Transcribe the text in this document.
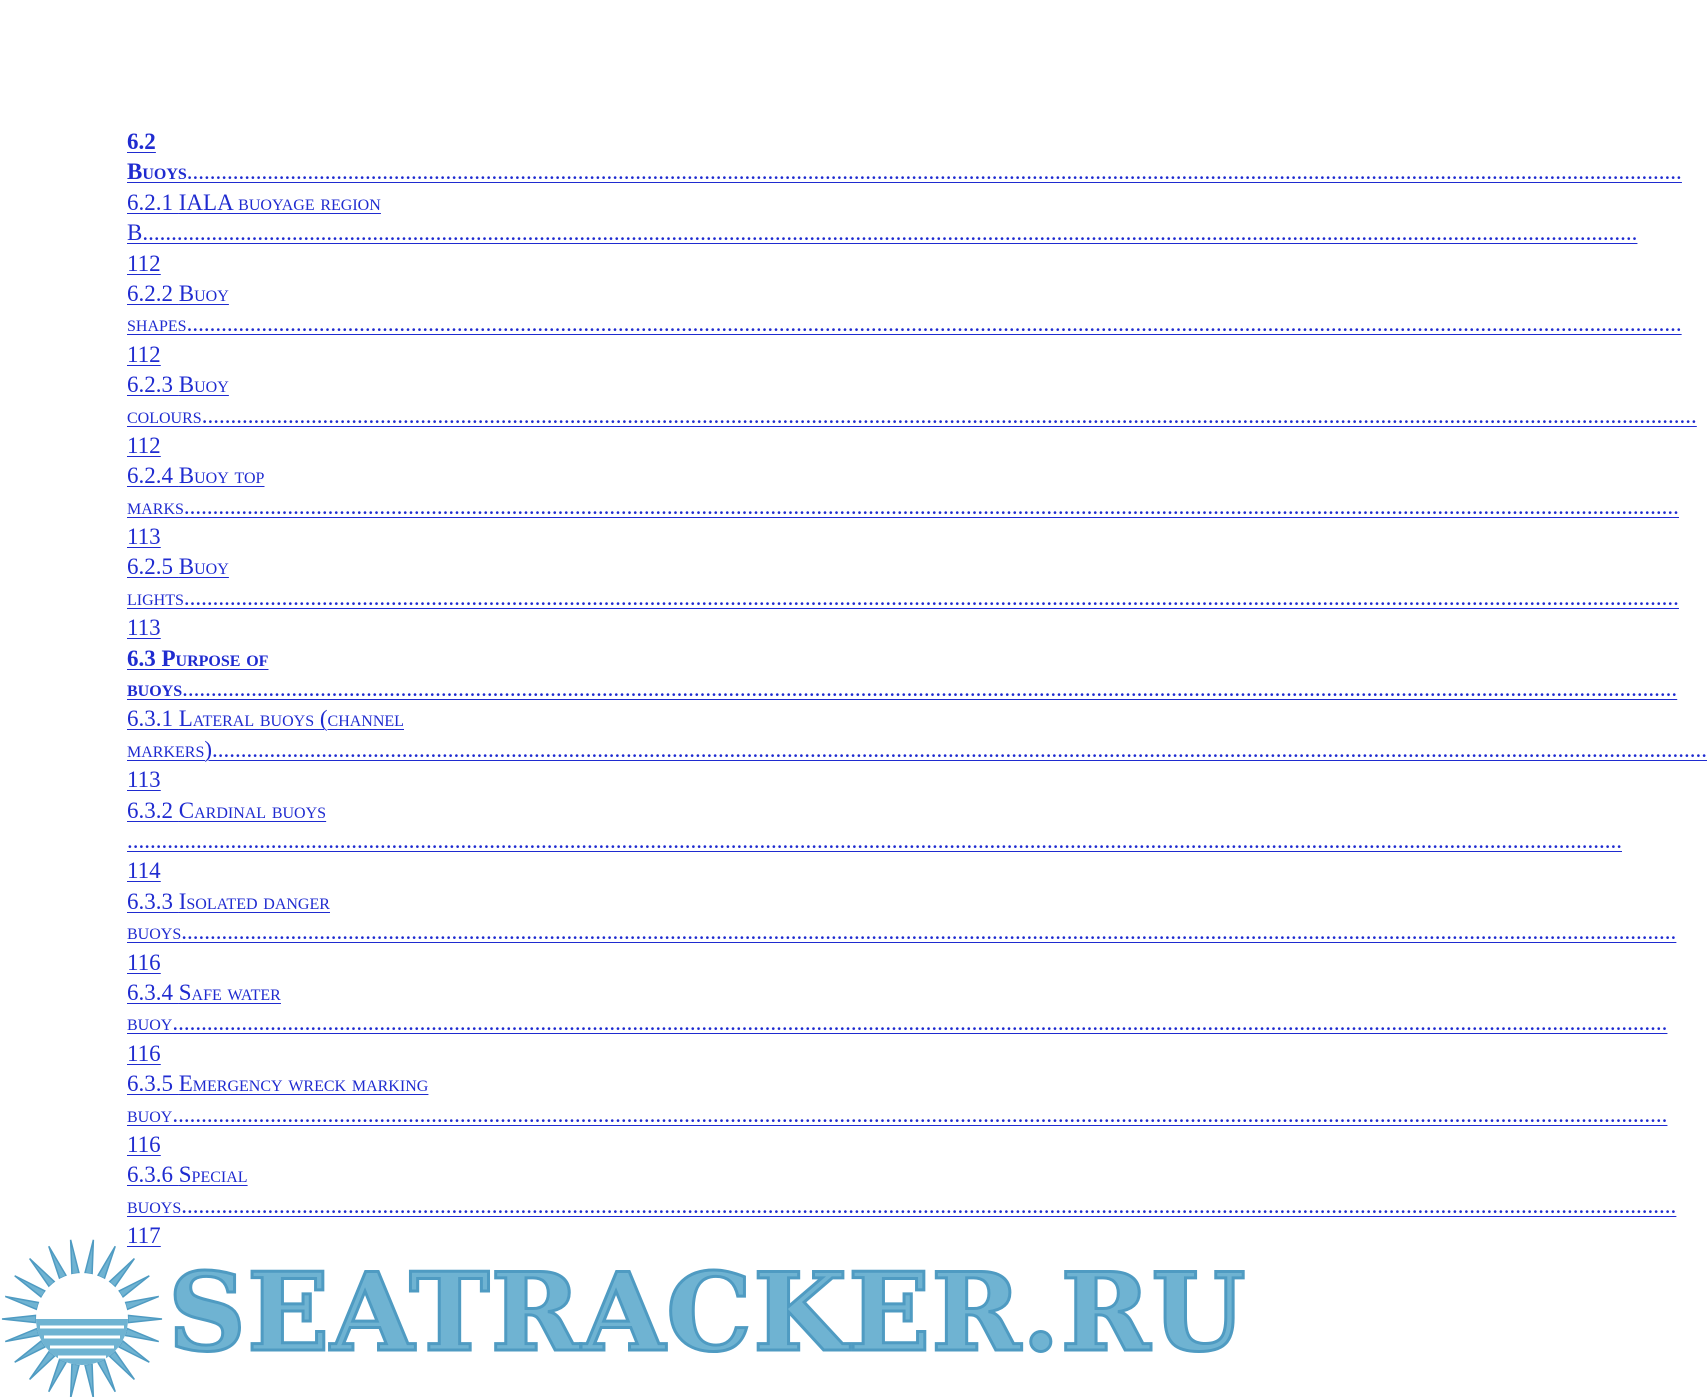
6.2
Buoys....................................................................................................................................................................................................................................................................
6.2.1 IALA buoyage region
B....................................................................................................................................................................................................................................................................
112
6.2.2 Buoy
shapes....................................................................................................................................................................................................................................................................
112
6.2.3 Buoy
colours....................................................................................................................................................................................................................................................................
112
6.2.4 Buoy top
marks....................................................................................................................................................................................................................................................................
113
6.2.5 Buoy
lights....................................................................................................................................................................................................................................................................
113
6.3 Purpose of
buoys....................................................................................................................................................................................................................................................................
6.3.1 Lateral buoys (channel
markers)....................................................................................................................................................................................................................................................................
113
6.3.2 Cardinal buoys
....................................................................................................................................................................................................................................................................
114
6.3.3 Isolated danger
buoys....................................................................................................................................................................................................................................................................
116
6.3.4 Safe water
buoy....................................................................................................................................................................................................................................................................
116
6.3.5 Emergency wreck marking
buoy....................................................................................................................................................................................................................................................................
116
6.3.6 Special
buoys....................................................................................................................................................................................................................................................................
117
SEATRACKER.RU
